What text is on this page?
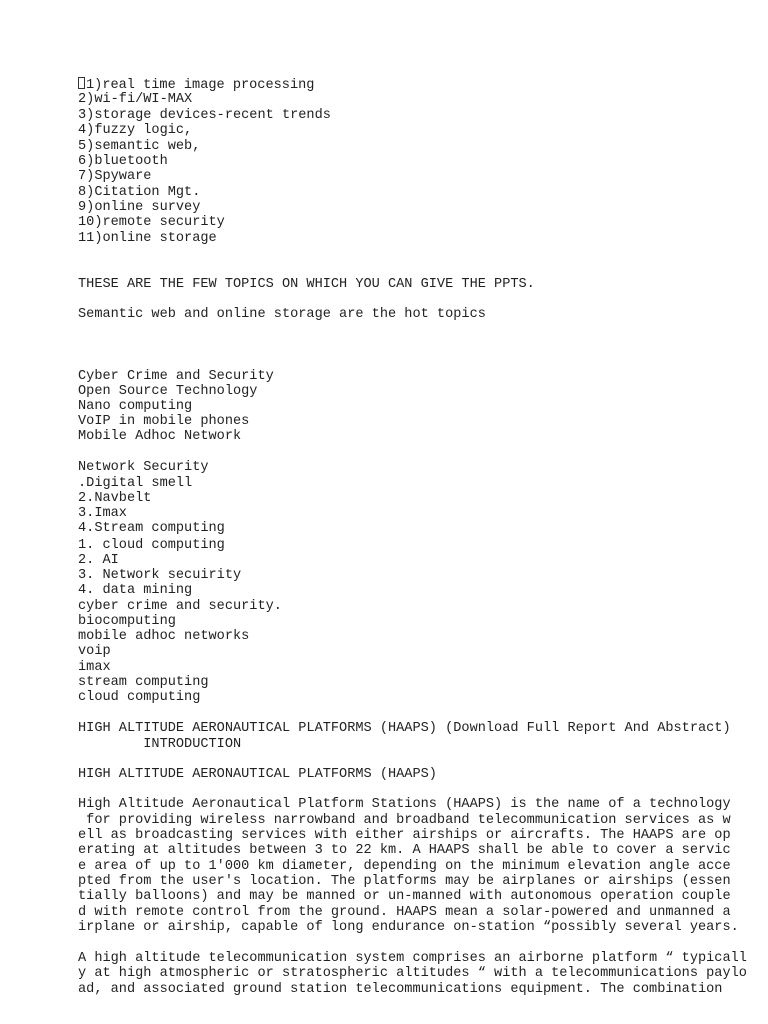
1)real time image processing
2)wi-fi/WI-MAX
3)storage devices-recent trends
4)fuzzy logic,
5)semantic web,
6)bluetooth
7)Spyware
8)Citation Mgt.
9)online survey
10)remote security
11)online storage
THESE ARE THE FEW TOPICS ON WHICH YOU CAN GIVE THE PPTS.
Semantic web and online storage are the hot topics
Cyber Crime and Security
Open Source Technology
Nano computing
VoIP in mobile phones
Mobile Adhoc Network
Network Security
.Digital smell
2.Navbelt
3.Imax
4.Stream computing
1. cloud computing
2. AI
3. Network secuirity
4. data mining
cyber crime and security.
biocomputing
mobile adhoc networks
voip
imax
stream computing
cloud computing
HIGH ALTITUDE AERONAUTICAL PLATFORMS (HAAPS) (Download Full Report And Abstract)
INTRODUCTION
HIGH ALTITUDE AERONAUTICAL PLATFORMS (HAAPS)
High Altitude Aeronautical Platform Stations (HAAPS) is the name of a technology
for providing wireless narrowband and broadband telecommunication services as w
ell as broadcasting services with either airships or aircrafts. The HAAPS are op
erating at altitudes between 3 to 22 km. A HAAPS shall be able to cover a servic
e area of up to 1'000 km diameter, depending on the minimum elevation angle acce
pted from the user's location. The platforms may be airplanes or airships (essen
tially balloons) and may be manned or un-manned with autonomous operation couple
d with remote control from the ground. HAAPS mean a solar-powered and unmanned a
irplane or airship, capable of long endurance on-station “possibly several years.
A high altitude telecommunication system comprises an airborne platform “ typicall
y at high atmospheric or stratospheric altitudes “ with a telecommunications paylo
ad, and associated ground station telecommunications equipment. The combination
